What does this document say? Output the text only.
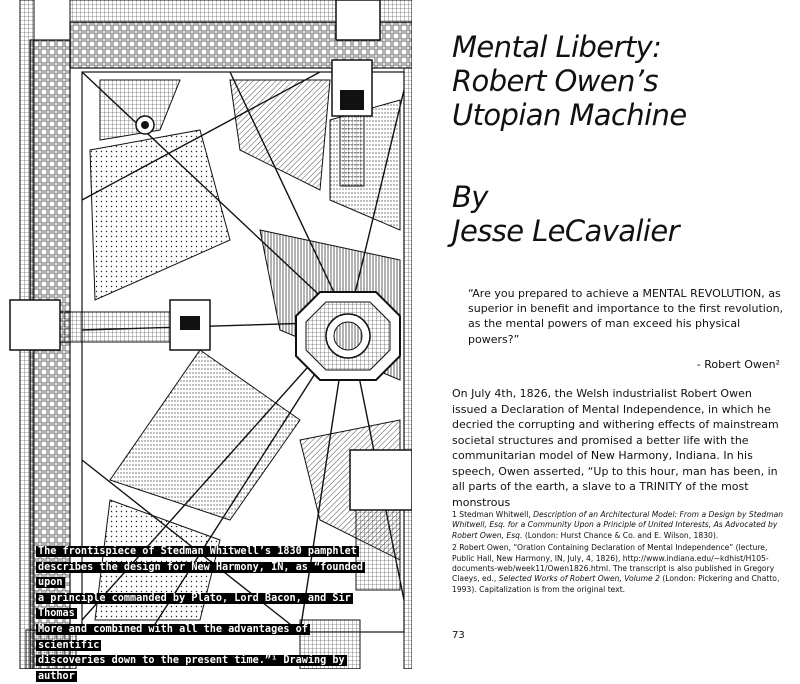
The frontispiece of Stedman Whitwell’s 1830 pamphlet
describes the design for New Harmony, IN, as “founded upon
a principle commanded by Plato, Lord Bacon, and Sir Thomas
More and combined with all the advantages of scientific
discoveries down to the present time.”¹ Drawing by author
Mental Liberty:
Robert Owen’s
Utopian Machine
By
Jesse LeCavalier
“Are you prepared to achieve a MENTAL REVOLUTION, as superior in benefit and importance to the first revolution, as the mental powers of man exceed his physical powers?”
- Robert Owen²
On July 4th, 1826, the Welsh industrialist Robert Owen issued a Declaration of Mental Independence, in which he decried the corrupting and withering effects of mainstream societal structures and promised a better life with the communitarian model of New Harmony, Indiana. In his speech, Owen asserted, “Up to this hour, man has been, in all parts of the earth, a slave to a TRINITY of the most monstrous

1 Stedman Whitwell, Description of an Architectural Model: From a Design by Stedman Whitwell, Esq. for a Community Upon a Principle of United Interests, As Advocated by Robert Owen, Esq. (London: Hurst Chance & Co. and E. Wilson, 1830).

2 Robert Owen, “Oration Containing Declaration of Mental Independence” (lecture, Public Hall, New Harmony, IN, July, 4, 1826), http://www.indiana.edu/~kdhist/H105-documents-web/week11/Owen1826.html. The transcript is also published in Gregory Claeys, ed., Selected Works of Robert Owen, Volume 2 (London: Pickering and Chatto, 1993). Capitalization is from the original text.

73
